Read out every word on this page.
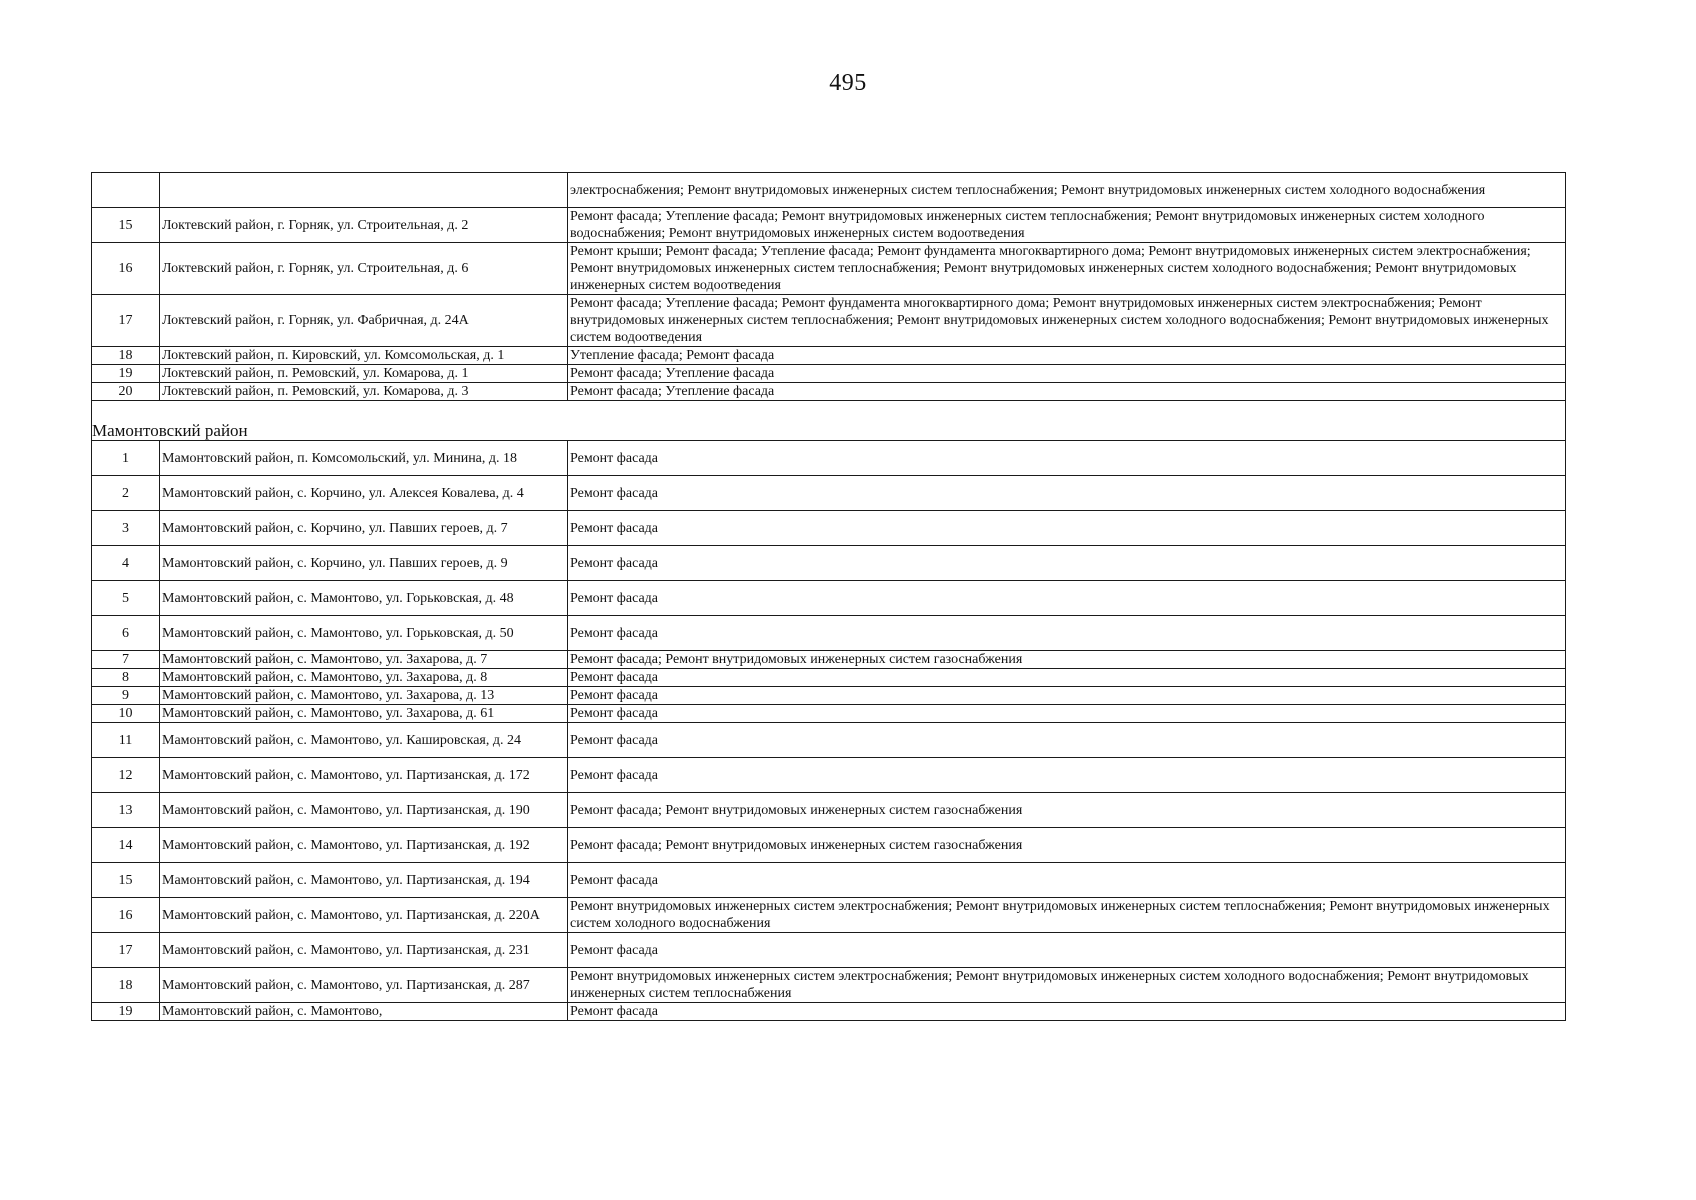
495
		электроснабжения; Ремонт внутридомовых инженерных систем теплоснабжения; Ремонт внутридомовых инженерных систем холодного водоснабжения
15	Локтевский район, г. Горняк, ул. Строительная, д. 2	Ремонт фасада; Утепление фасада; Ремонт внутридомовых инженерных систем теплоснабжения; Ремонт внутридомовых инженерных систем холодного водоснабжения; Ремонт внутридомовых инженерных систем водоотведения
16	Локтевский район, г. Горняк, ул. Строительная, д. 6	Ремонт крыши; Ремонт фасада; Утепление фасада; Ремонт фундамента многоквартирного дома; Ремонт внутридомовых инженерных систем электроснабжения; Ремонт внутридомовых инженерных систем теплоснабжения; Ремонт внутридомовых инженерных систем холодного водоснабжения; Ремонт внутридомовых инженерных систем водоотведения
17	Локтевский район, г. Горняк, ул. Фабричная, д. 24А	Ремонт фасада; Утепление фасада; Ремонт фундамента многоквартирного дома; Ремонт внутридомовых инженерных систем электроснабжения; Ремонт внутридомовых инженерных систем теплоснабжения; Ремонт внутридомовых инженерных систем холодного водоснабжения; Ремонт внутридомовых инженерных систем водоотведения
18	Локтевский район, п. Кировский, ул. Комсомольская, д. 1	Утепление фасада; Ремонт фасада
19	Локтевский район, п. Ремовский, ул. Комарова, д. 1	Ремонт фасада; Утепление фасада
20	Локтевский район, п. Ремовский, ул. Комарова, д. 3	Ремонт фасада; Утепление фасада
Мамонтовский район		
1	Мамонтовский район, п. Комсомольский, ул. Минина, д. 18	Ремонт фасада
2	Мамонтовский район, с. Корчино, ул. Алексея Ковалева, д. 4	Ремонт фасада
3	Мамонтовский район, с. Корчино, ул. Павших героев, д. 7	Ремонт фасада
4	Мамонтовский район, с. Корчино, ул. Павших героев, д. 9	Ремонт фасада
5	Мамонтовский район, с. Мамонтово, ул. Горьковская, д. 48	Ремонт фасада
6	Мамонтовский район, с. Мамонтово, ул. Горьковская, д. 50	Ремонт фасада
7	Мамонтовский район, с. Мамонтово, ул. Захарова, д. 7	Ремонт фасада; Ремонт внутридомовых инженерных систем газоснабжения
8	Мамонтовский район, с. Мамонтово, ул. Захарова, д. 8	Ремонт фасада
9	Мамонтовский район, с. Мамонтово, ул. Захарова, д. 13	Ремонт фасада
10	Мамонтовский район, с. Мамонтово, ул. Захарова, д. 61	Ремонт фасада
11	Мамонтовский район, с. Мамонтово, ул. Кашировская, д. 24	Ремонт фасада
12	Мамонтовский район, с. Мамонтово, ул. Партизанская, д. 172	Ремонт фасада
13	Мамонтовский район, с. Мамонтово, ул. Партизанская, д. 190	Ремонт фасада; Ремонт внутридомовых инженерных систем газоснабжения
14	Мамонтовский район, с. Мамонтово, ул. Партизанская, д. 192	Ремонт фасада; Ремонт внутридомовых инженерных систем газоснабжения
15	Мамонтовский район, с. Мамонтово, ул. Партизанская, д. 194	Ремонт фасада
16	Мамонтовский район, с. Мамонтово, ул. Партизанская, д. 220А	Ремонт внутридомовых инженерных систем электроснабжения; Ремонт внутридомовых инженерных систем теплоснабжения; Ремонт внутридомовых инженерных систем холодного водоснабжения
17	Мамонтовский район, с. Мамонтово, ул. Партизанская, д. 231	Ремонт фасада
18	Мамонтовский район, с. Мамонтово, ул. Партизанская, д. 287	Ремонт внутридомовых инженерных систем электроснабжения; Ремонт внутридомовых инженерных систем холодного водоснабжения; Ремонт внутридомовых инженерных систем теплоснабжения
19	Мамонтовский район, с. Мамонтово,	Ремонт фасада
